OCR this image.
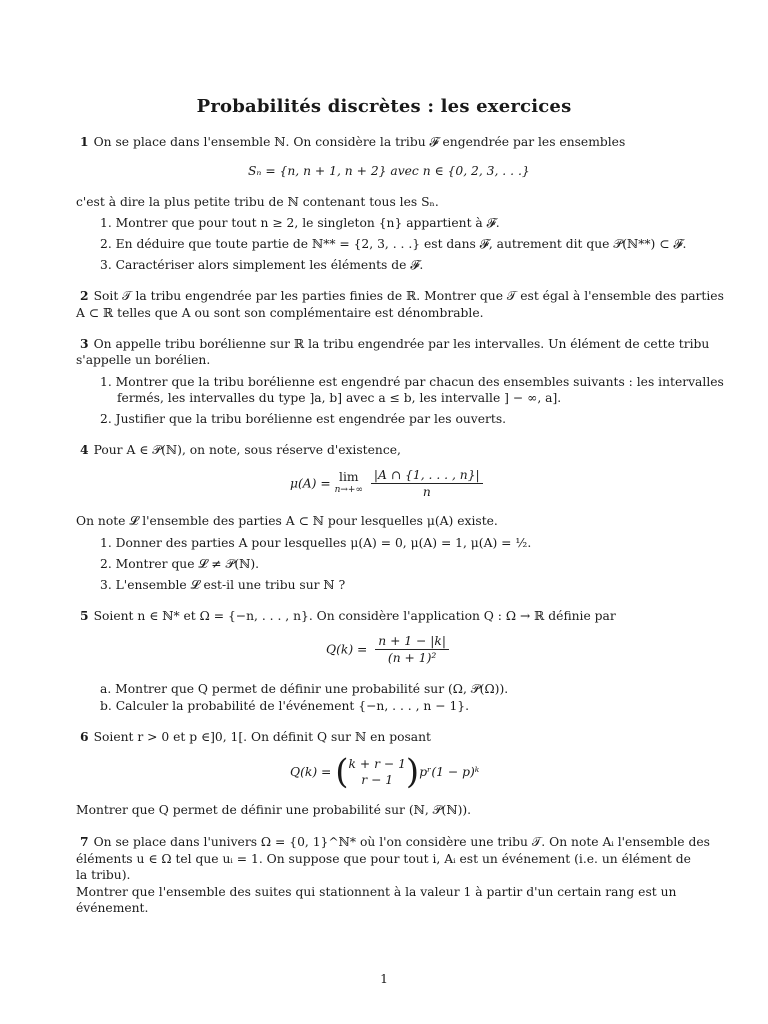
Probabilités discrètes : les exercices
1 On se place dans l'ensemble ℕ. On considère la tribu 𝓕 engendrée par les ensembles
Sₙ = {n, n + 1, n + 2} avec n ∈ {0, 2, 3, . . .}
c'est à dire la plus petite tribu de ℕ contenant tous les Sₙ.
1. Montrer que pour tout n ≥ 2, le singleton {n} appartient à 𝓕.
2. En déduire que toute partie de ℕ** = {2, 3, . . .} est dans 𝓕, autrement dit que 𝒫(ℕ**) ⊂ 𝓕.
3. Caractériser alors simplement les éléments de 𝓕.
2 Soit 𝒯 la tribu engendrée par les parties finies de ℝ. Montrer que 𝒯 est égal à l'ensemble des parties
A ⊂ ℝ telles que A ou sont son complémentaire est dénombrable.
3 On appelle tribu borélienne sur ℝ la tribu engendrée par les intervalles. Un élément de cette tribu
s'appelle un borélien.
1. Montrer que la tribu borélienne est engendré par chacun des ensembles suivants : les intervalles
fermés, les intervalles du type ]a, b] avec a ≤ b, les intervalle ] − ∞, a].
2. Justifier que la tribu borélienne est engendrée par les ouverts.
4 Pour A ∈ 𝒫(ℕ), on note, sous réserve d'existence,
μ(A) = lim
n→+∞
$\frac{|A \cap \{1, . . . , n\}|}{n}$
On note 𝓛 l'ensemble des parties A ⊂ ℕ pour lesquelles μ(A) existe.
1. Donner des parties A pour lesquelles μ(A) = 0, μ(A) = 1, μ(A) = ½.
2. Montrer que 𝓛 ≠ 𝒫(ℕ).
3. L'ensemble 𝓛 est-il une tribu sur ℕ ?
5 Soient n ∈ ℕ* et Ω = {−n, . . . , n}. On considère l'application Q : Ω → ℝ définie par
$Q(k) = \frac{n + 1 - |k|}{\text{(n + 1)²}}$
a. Montrer que Q permet de définir une probabilité sur (Ω, 𝒫(Ω)).
b. Calculer la probabilité de l'événement {−n, . . . , n − 1}.
6 Soient r > 0 et p ∈]0, 1[. On définit Q sur ℕ en posant
Q(k) = ( k + r − 1
r − 1 )pʳ(1 − p)ᵏ
Montrer que Q permet de définir une probabilité sur (ℕ, 𝒫(ℕ)).
7 On se place dans l'univers Ω = {0, 1}^ℕ* où l'on considère une tribu 𝒯. On note Aᵢ l'ensemble des
éléments u ∈ Ω tel que uᵢ = 1. On suppose que pour tout i, Aᵢ est un événement (i.e. un élément de
la tribu).
Montrer que l'ensemble des suites qui stationnent à la valeur 1 à partir d'un certain rang est un
événement.
1
